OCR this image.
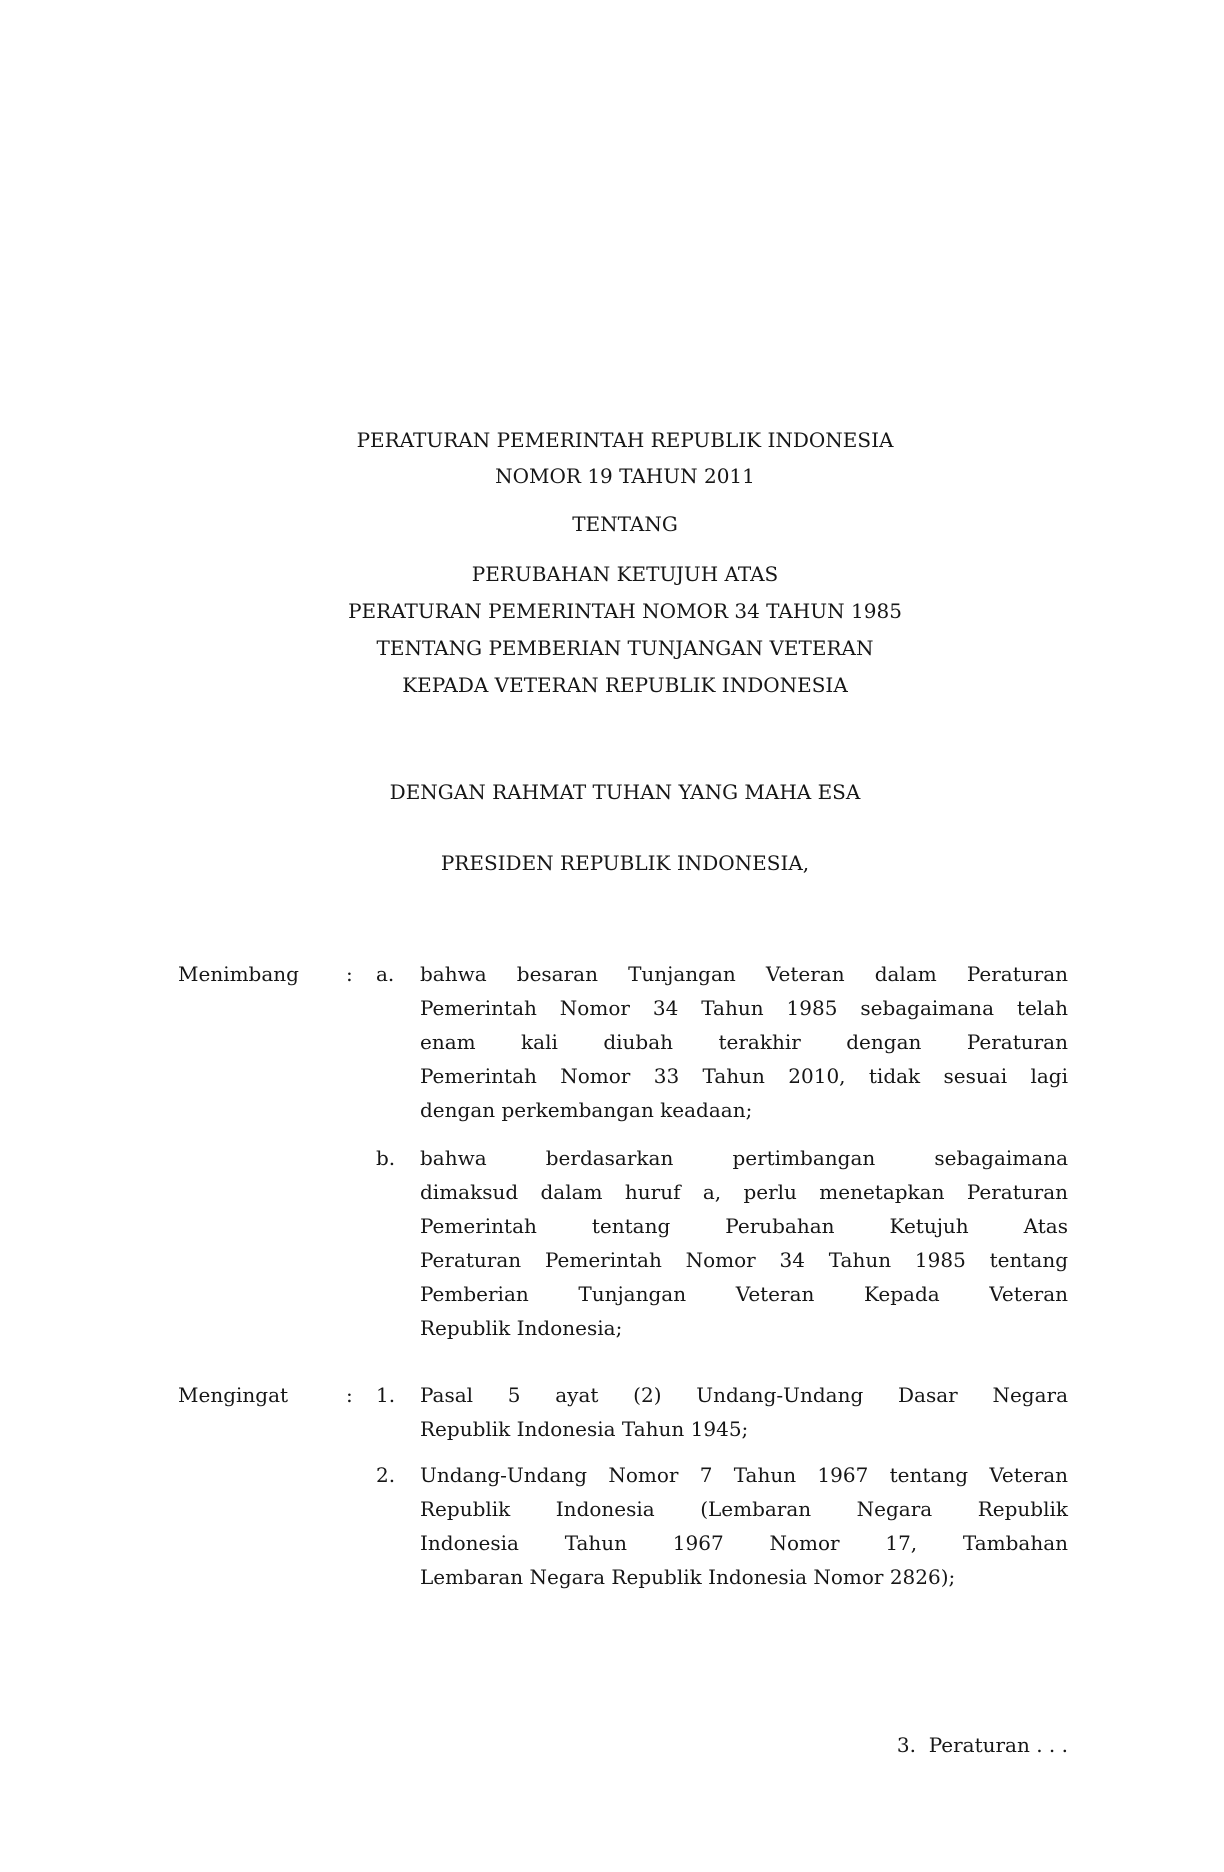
PERATURAN PEMERINTAH REPUBLIK INDONESIA
NOMOR 19 TAHUN 2011
TENTANG
PERUBAHAN KETUJUH ATAS
PERATURAN PEMERINTAH NOMOR 34 TAHUN 1985
TENTANG PEMBERIAN TUNJANGAN VETERAN
KEPADA VETERAN REPUBLIK INDONESIA
DENGAN RAHMAT TUHAN YANG MAHA ESA
PRESIDEN REPUBLIK INDONESIA,
Menimbang : a. bahwa besaran Tunjangan Veteran dalam Peraturan
Pemerintah Nomor 34 Tahun 1985 sebagaimana telah
enam kali diubah terakhir dengan Peraturan
Pemerintah Nomor 33 Tahun 2010, tidak sesuai lagi
dengan perkembangan keadaan;
b. bahwa berdasarkan pertimbangan sebagaimana
dimaksud dalam huruf a, perlu menetapkan Peraturan
Pemerintah tentang Perubahan Ketujuh Atas
Peraturan Pemerintah Nomor 34 Tahun 1985 tentang
Pemberian Tunjangan Veteran Kepada Veteran
Republik Indonesia;
Mengingat	: 1. Pasal 5 ayat (2) Undang-Undang Dasar Negara
Republik Indonesia Tahun 1945;
2. Undang-Undang Nomor 7 Tahun 1967 tentang Veteran
Republik Indonesia (Lembaran Negara Republik
Indonesia Tahun 1967 Nomor 17, Tambahan
Lembaran Negara Republik Indonesia Nomor 2826);
3.  Peraturan . . .
